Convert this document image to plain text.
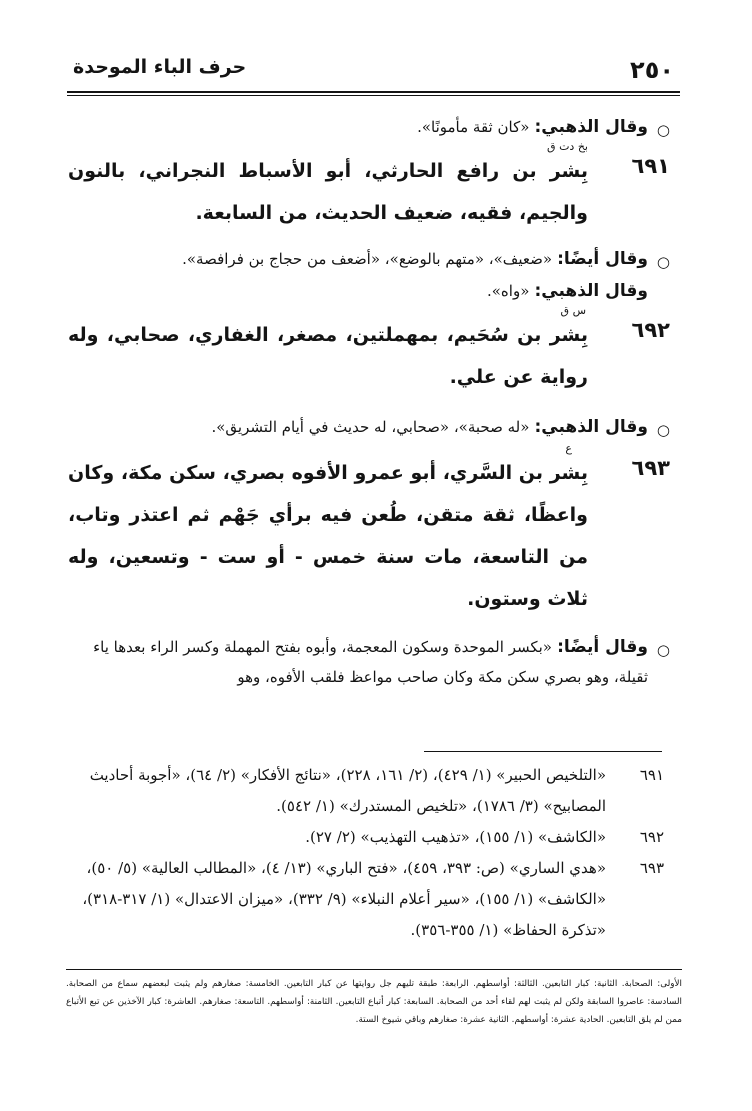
٢٥٠
حرف الباء الموحدة
○
وقال الذهبي: «كان ثقة مأمونًا».
بخ دت ق
٦٩١
بِشر بن رافع الحارثي، أبو الأسباط النجراني، بالنون والجيم، فقيه، ضعيف الحديث، من السابعة.
○
وقال أيضًا: «ضعيف»، «متهم بالوضع»، «أضعف من حجاج بن فرافصة».
وقال الذهبي: «واه».
س ق
٦٩٢
بِشر بن سُحَيم، بمهملتين، مصغر، الغفاري، صحابي، وله رواية عن علي.
○
وقال الذهبي: «له صحبة»، «صحابي، له حديث في أيام التشريق».
ع
٦٩٣
بِشر بن السَّري، أبو عمرو الأفوه بصري، سكن مكة، وكان واعظًا، ثقة متقن، طُعن فيه برأي جَهْم ثم اعتذر وتاب، من التاسعة، مات سنة خمس - أو ست - وتسعين، وله ثلاث وستون.
○
وقال أيضًا: «بكسر الموحدة وسكون المعجمة، وأبوه بفتح المهملة وكسر الراء بعدها ياء ثقيلة، وهو بصري سكن مكة وكان صاحب مواعظ فلقب الأفوه، وهو
٦٩١
«التلخيص الحبير» (١/ ٤٢٩)، (٢/ ١٦١، ٢٢٨)، «نتائج الأفكار» (٢/ ٦٤)، «أجوبة أحاديث المصابيح» (٣/ ١٧٨٦)، «تلخيص المستدرك» (١/ ٥٤٢).
٦٩٢
«الكاشف» (١/ ١٥٥)، «تذهيب التهذيب» (٢/ ٢٧).
٦٩٣
«هدي الساري» (ص: ٣٩٣، ٤٥٩)، «فتح الباري» (١٣/ ٤)، «المطالب العالية» (٥/ ٥٠)، «الكاشف» (١/ ١٥٥)، «سير أعلام النبلاء» (٩/ ٣٣٢)، «ميزان الاعتدال» (١/ ٣١٧-٣١٨)، «تذكرة الحفاظ» (١/ ٣٥٥-٣٥٦).
الأولى: الصحابة. الثانية: كبار التابعين. الثالثة: أواسطهم. الرابعة: طبقة تليهم جل روايتها عن كبار التابعين. الخامسة: صغارهم ولم يثبت لبعضهم سماع من الصحابة. السادسة: عاصروا السابقة ولكن لم يثبت لهم لقاء أحد من الصحابة. السابعة: كبار أتباع التابعين. الثامنة: أواسطهم. التاسعة: صغارهم. العاشرة: كبار الآخذين عن تبع الأتباع ممن لم يلق التابعين. الحادية عشرة: أواسطهم. الثانية عشرة: صغارهم وباقي شيوخ الستة.
